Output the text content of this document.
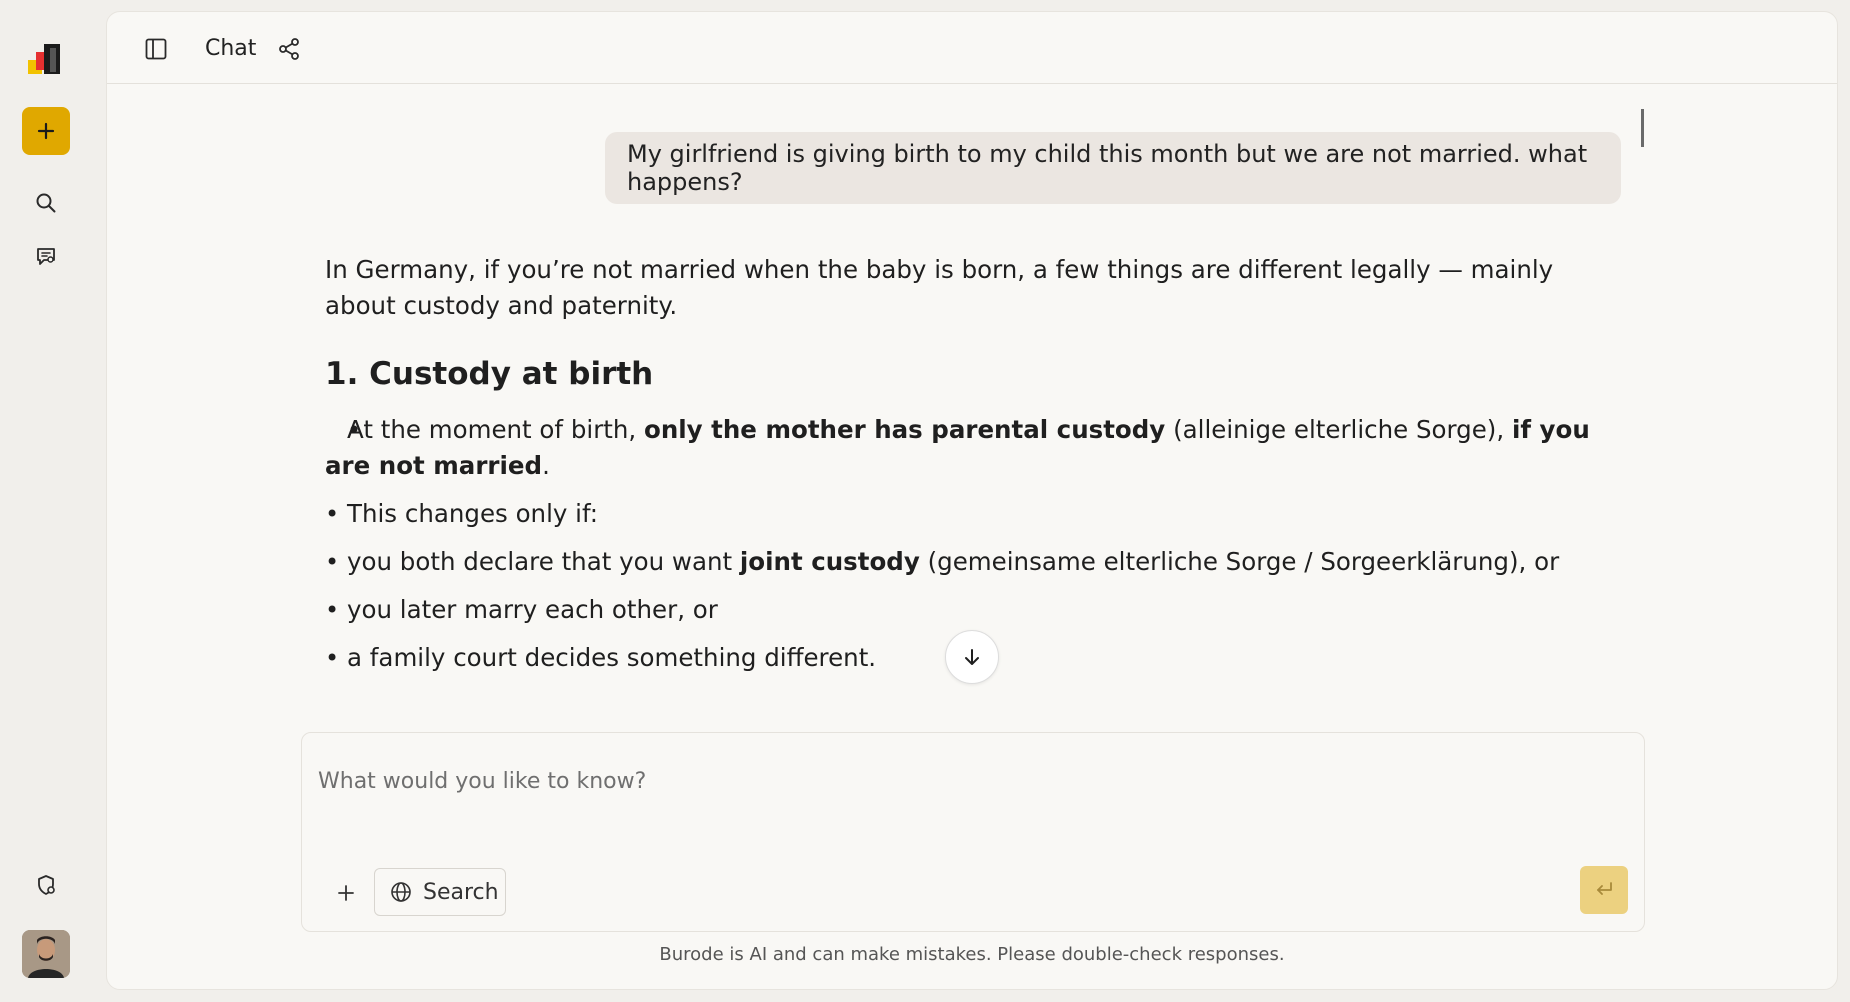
Chat
My girlfriend is giving birth to my child this month but we are not married. what happens?

In Germany, if you’re not married when the baby is born, a few things are different legally — mainly about custody and paternity.

1. Custody at birth
• At the moment of birth, only the mother has parental custody (alleinige elterliche Sorge), if you are not married.
• This changes only if:
• you both declare that you want joint custody (gemeinsame elterliche Sorge / Sorgeerklärung), or
• you later marry each other, or
• a family court decides something different.
What would you like to know?
Search
Burode is AI and can make mistakes. Please double-check responses.
